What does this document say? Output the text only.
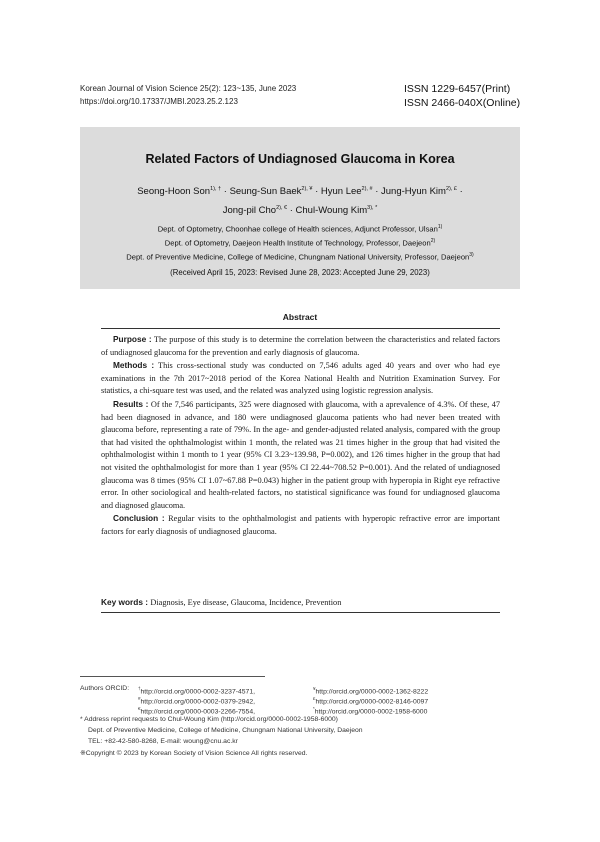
Korean Journal of Vision Science 25(2): 123~135, June 2023
https://doi.org/10.17337/JMBI.2023.25.2.123
ISSN 1229-6457(Print)
ISSN 2466-040X(Online)
Related Factors of Undiagnosed Glaucoma in Korea
Seong-Hoon Son$^{1), \dagger}$ · Seung-Sun Baek$^{2), ¥}$ · Hyun Lee$^{2), \#}$ · Jung-Hyun Kim$^{2), £}$ ·
Jong-pil Cho$^{2), €}$ · Chul-Woung Kim$^{3), *}$
Dept. of Optometry, Choonhae college of Health sciences, Adjunct Professor, Ulsan$^{1)}$
Dept. of Optometry, Daejeon Health Institute of Technology, Professor, Daejeon$^{2)}$
Dept. of Preventive Medicine, College of Medicine, Chungnam National University, Professor, Daejeon$^{3)}$
(Received April 15, 2023: Revised June 28, 2023: Accepted June 29, 2023)
Abstract

Purpose : The purpose of this study is to determine the correlation between the characteristics and related factors of undiagnosed glaucoma for the prevention and early diagnosis of glaucoma.

Methods : This cross-sectional study was conducted on 7,546 adults aged 40 years and over who had eye examinations in the 7th 2017~2018 period of the Korea National Health and Nutrition Examination Survey. For statistics, a chi-square test was used, and the related was analyzed using logistic regression analysis.

Results : Of the 7,546 participants, 325 were diagnosed with glaucoma, with a aprevalence of 4.3%. Of these, 47 had been diagnosed in advance, and 180 were undiagnosed glaucoma patients who had never been treated with glaucoma before, representing a rate of 79%. In the age- and gender-adjusted related analysis, compared with the group that had visited the ophthalmologist within 1 month, the related was 21 times higher in the group that had visited the ophthalmologist within 1 month to 1 year (95% CI 3.23~139.98, P=0.002), and 126 times higher in the group that had not visited the ophthalmologist for more than 1 year (95% CI 22.44~708.52 P=0.001). And the related of undiagnosed glaucoma was 8 times (95% CI 1.07~67.88 P=0.043) higher in the patient group with hyperopia in Right eye refractive error. In other sociological and health-related factors, no statistical significance was found for undiagnosed glaucoma and diagnosed glaucoma.

Conclusion : Regular visits to the ophthalmologist and patients with hyperopic refractive error are important factors for early diagnosis of undiagnosed glaucoma.

Key words : Diagnosis, Eye disease, Glaucoma, Incidence, Prevention
Authors ORCID: †http://orcid.org/0000-0002-3237-4571,	¥http://orcid.org/0000-0002-1362-8222
#http://orcid.org/0000-0002-0379-2942,	£http://orcid.org/0000-0002-8146-0097
€http://orcid.org/0000-0003-2266-7554,	*http://orcid.org/0000-0002-1958-6000
* Address reprint requests to Chul-Woung Kim (http://orcid.org/0000-0002-1958-6000)
Dept. of Preventive Medicine, College of Medicine, Chungnam National University, Daejeon
TEL: +82-42-580-8268, E-mail: woung@cnu.ac.kr
※Copyright © 2023 by Korean Society of Vision Science All rights reserved.
